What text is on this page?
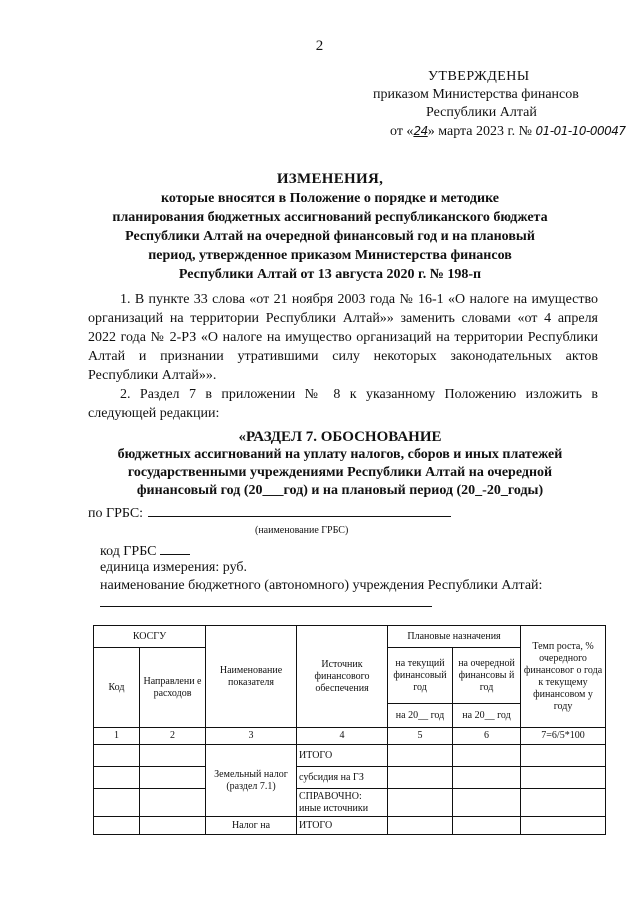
2
УТВЕРЖДЕНЫ
приказом Министерства финансов
Республики Алтай
от «24» марта 2023 г. № 01-01-10-00047
ИЗМЕНЕНИЯ,
которые вносятся в Положение о порядке и методике
планирования бюджетных ассигнований республиканского бюджета
Республики Алтай на очередной финансовый год и на плановый
период, утвержденное приказом Министерства финансов
Республики Алтай от 13 августа 2020 г. № 198-п

1. В пункте 33 слова «от 21 ноября 2003 года № 16-1 «О налоге на имущество организаций на территории Республики Алтай»» заменить словами «от 4 апреля 2022 года № 2-РЗ «О налоге на имущество организаций на территории Республики Алтай и признании утратившими силу некоторых законодательных актов Республики Алтай»».

2. Раздел 7 в приложении № 8 к указанному Положению изложить в следующей редакции:

«РАЗДЕЛ 7. ОБОСНОВАНИЕ
бюджетных ассигнований на уплату налогов, сборов и иных платежей
государственными учреждениями Республики Алтай на очередной
финансовый год (20___год) и на плановый период (20_-20_годы)
по ГРБС:
(наименование ГРБС)
код ГРБС
единица измерения: руб.
наименование бюджетного (автономного) учреждения Республики Алтай:
КОСГУ		Наименование показателя	Источник финансового обеспечения	Плановые назначения		Темп роста, % очередного финансовог о года к текущему финансовом у году
Код	Направлени е расходов			на текущий финансовый год	на очередной финансовы й год	
				на 20__ год	на 20__ год	
1	2	3	4	5	6	7=6/5*100
		Земельный налог (раздел 7.1)	ИТОГО			
			субсидия на ГЗ			
			СПРАВОЧНО: иные источники			
		Налог на	ИТОГО			
